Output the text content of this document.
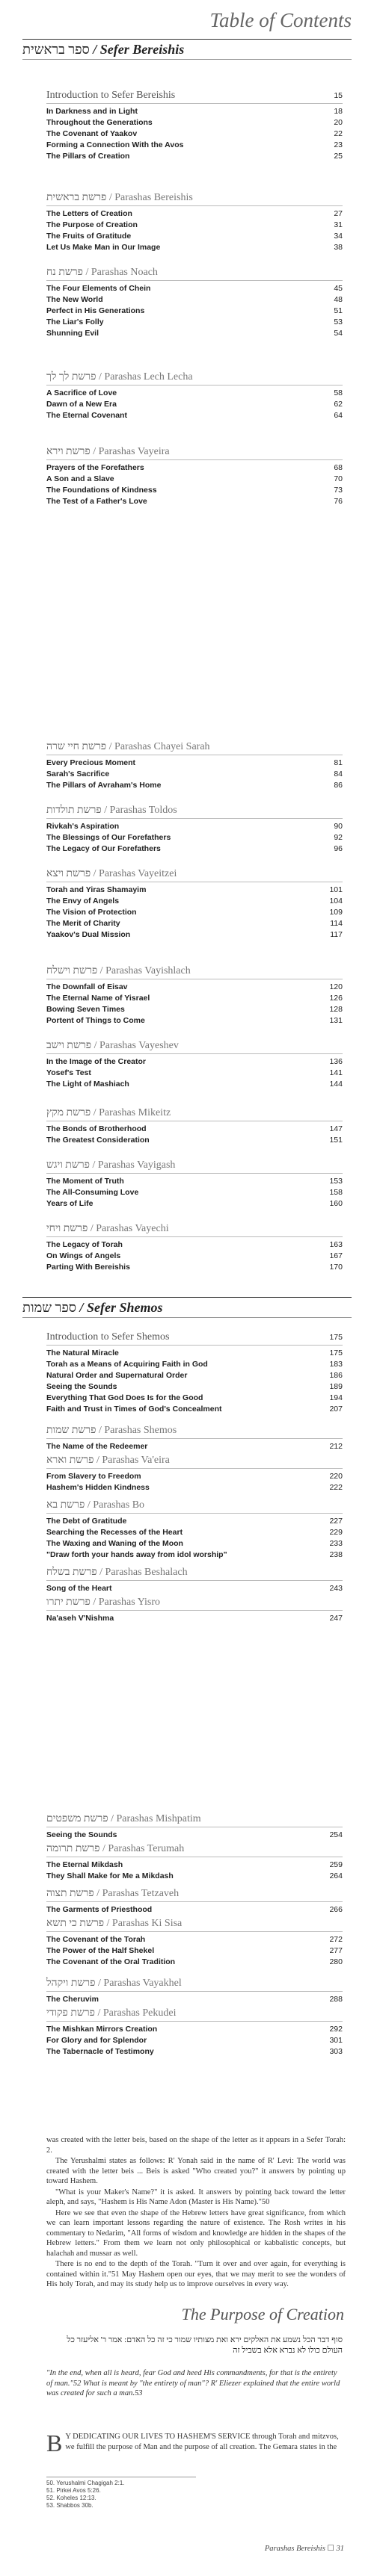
Table of Contents
ספר בראשית / Sefer Bereishis
Introduction to Sefer Bereishis	15
In Darkness and in Light	18
Throughout the Generations	20
The Covenant of Yaakov	22
Forming a Connection With the Avos	23
The Pillars of Creation	25
פרשת בראשית / Parashas Bereishis
The Letters of Creation	27
The Purpose of Creation	31
The Fruits of Gratitude	34
Let Us Make Man in Our Image	38
פרשת נח / Parashas Noach
The Four Elements of Chein	45
The New World	48
Perfect in His Generations	51
The Liar's Folly	53
Shunning Evil	54
פרשת לך לך / Parashas Lech Lecha
A Sacrifice of Love	58
Dawn of a New Era	62
The Eternal Covenant	64
פרשת וירא / Parashas Vayeira
Prayers of the Forefathers	68
A Son and a Slave	70
The Foundations of Kindness	73
The Test of a Father's Love	76
פרשת חיי שרה / Parashas Chayei Sarah
Every Precious Moment	81
Sarah's Sacrifice	84
The Pillars of Avraham's Home	86
פרשת תולדות / Parashas Toldos
Rivkah's Aspiration	90
The Blessings of Our Forefathers	92
The Legacy of Our Forefathers	96
פרשת ויצא / Parashas Vayeitzei
Torah and Yiras Shamayim	101
The Envy of Angels	104
The Vision of Protection	109
The Merit of Charity	114
Yaakov's Dual Mission	117
פרשת וישלח / Parashas Vayishlach
The Downfall of Eisav	120
The Eternal Name of Yisrael	126
Bowing Seven Times	128
Portent of Things to Come	131
פרשת וישב / Parashas Vayeshev
In the Image of the Creator	136
Yosef's Test	141
The Light of Mashiach	144
פרשת מקץ / Parashas Mikeitz
The Bonds of Brotherhood	147
The Greatest Consideration	151
פרשת ויגש / Parashas Vayigash
The Moment of Truth	153
The All-Consuming Love	158
Years of Life	160
פרשת ויחי / Parashas Vayechi
The Legacy of Torah	163
On Wings of Angels	167
Parting With Bereishis	170
ספר שמות / Sefer Shemos
Introduction to Sefer Shemos	175
The Natural Miracle	175
Torah as a Means of Acquiring Faith in God	183
Natural Order and Supernatural Order	186
Seeing the Sounds	189
Everything That God Does Is for the Good	194
Faith and Trust in Times of God's Concealment	207
פרשת שמות / Parashas Shemos
The Name of the Redeemer	212
פרשת וארא / Parashas Va'eira
From Slavery to Freedom	220
Hashem's Hidden Kindness	222
פרשת בא / Parashas Bo
The Debt of Gratitude	227
Searching the Recesses of the Heart	229
The Waxing and Waning of the Moon	233
"Draw forth your hands away from idol worship"	238
פרשת בשלח / Parashas Beshalach
Song of the Heart	243
פרשת יתרו / Parashas Yisro
Na'aseh V'Nishma	247
פרשת משפטים / Parashas Mishpatim
Seeing the Sounds	254
פרשת תרומה / Parashas Terumah
The Eternal Mikdash	259
They Shall Make for Me a Mikdash	264
פרשת תצוה / Parashas Tetzaveh
The Garments of Priesthood	266
פרשת כי תשא / Parashas Ki Sisa
The Covenant of the Torah	272
The Power of the Half Shekel	277
The Covenant of the Oral Tradition	280
פרשת ויקהל / Parashas Vayakhel
The Cheruvim	288
פרשת פקודי / Parashas Pekudei
The Mishkan Mirrors Creation	292
For Glory and for Splendor	301
The Tabernacle of Testimony	303

was created with the letter beis, based on the shape of the letter as it appears in a Sefer Torah: 2.

The Yerushalmi states as follows: R' Yonah said in the name of R' Levi: The world was created with the letter beis ... Beis is asked "Who created you?" it answers by pointing up toward Hashem.

"What is your Maker's Name?" it is asked. It answers by pointing back toward the letter aleph, and says, "Hashem is His Name Adon (Master is His Name)."50

Here we see that even the shape of the Hebrew letters have great significance, from which we can learn important lessons regarding the nature of existence. The Rosh writes in his commentary to Nedarim, "All forms of wisdom and knowledge are hidden in the shapes of the Hebrew letters." From them we learn not only philosophical or kabbalistic concepts, but halachah and mussar as well.

There is no end to the depth of the Torah. "Turn it over and over again, for everything is contained within it."51 May Hashem open our eyes, that we may merit to see the wonders of His holy Torah, and may its study help us to improve ourselves in every way.

The Purpose of Creation
סוף דבר הכל נשמע את האלקים ירא ואת מצותיו שמור כי זה כל האדם: אמר ר' אליעזר כל העולם כולו לא נברא אלא בשביל זה
"In the end, when all is heard, fear God and heed His commandments, for that is the entirety of man."52 What is meant by "the entirety of man"? R' Eliezer explained that the entire world was created for such a man.53
B Y DEDICATING OUR LIVES TO HASHEM'S SERVICE through Torah and mitzvos, we fulfill the purpose of Man and the purpose of all creation. The Gemara states in the
50. Yerushalmi Chagigah 2:1.
51. Pirkei Avos 5:26.
52. Koheles 12:13.
53. Shabbos 30b.
Parashas Bereishis ☐ 31
